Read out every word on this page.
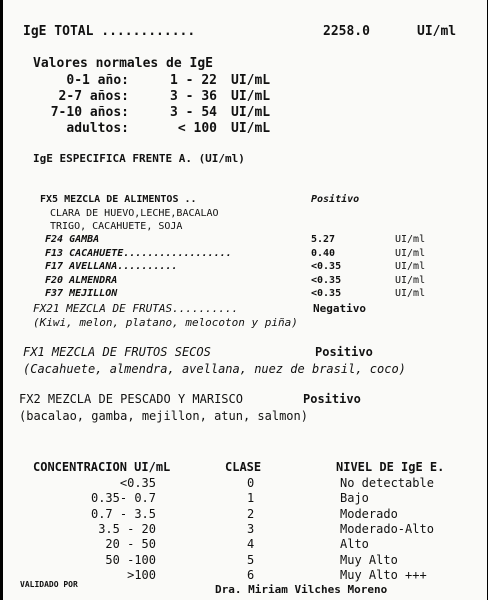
IgE TOTAL ............	2258.0	UI/ml
Valores normales de IgE
0-1 año:	1 - 22 UI/mL
2-7 años:	3 - 36 UI/mL
7-10 años:	3 - 54 UI/mL
adultos:	< 100 UI/mL
IgE ESPECIFICA FRENTE A. (UI/ml)
FX5 MEZCLA DE ALIMENTOS ..	Positivo
CLARA DE HUEVO,LECHE,BACALAO
TRIGO, CACAHUETE, SOJA
F24 GAMBA	5.27	UI/ml
F13 CACAHUETE..................	0.40	UI/ml
F17 AVELLANA..........	<0.35	UI/ml
F20 ALMENDRA	<0.35	UI/ml
F37 MEJILLON	<0.35	UI/ml
FX21 MEZCLA DE FRUTAS..........	Negativo
(Kiwi, melon, platano, melocoton y piña)
FX1 MEZCLA DE FRUTOS SECOS	Positivo
(Cacahuete, almendra, avellana, nuez de brasil, coco)
FX2 MEZCLA DE PESCADO Y MARISCO	Positivo
(bacalao, gamba, mejillon, atun, salmon)
CONCENTRACION UI/mL	CLASE	NIVEL DE IgE E.
<0.35	0	No detectable
0.35- 0.7	1	Bajo
0.7 - 3.5	2	Moderado
3.5 - 20	3	Moderado-Alto
20 - 50	4	Alto
50 -100	5	Muy Alto
>100	6	Muy Alto +++
VALIDADO POR	Dra. Miriam Vilches Moreno
